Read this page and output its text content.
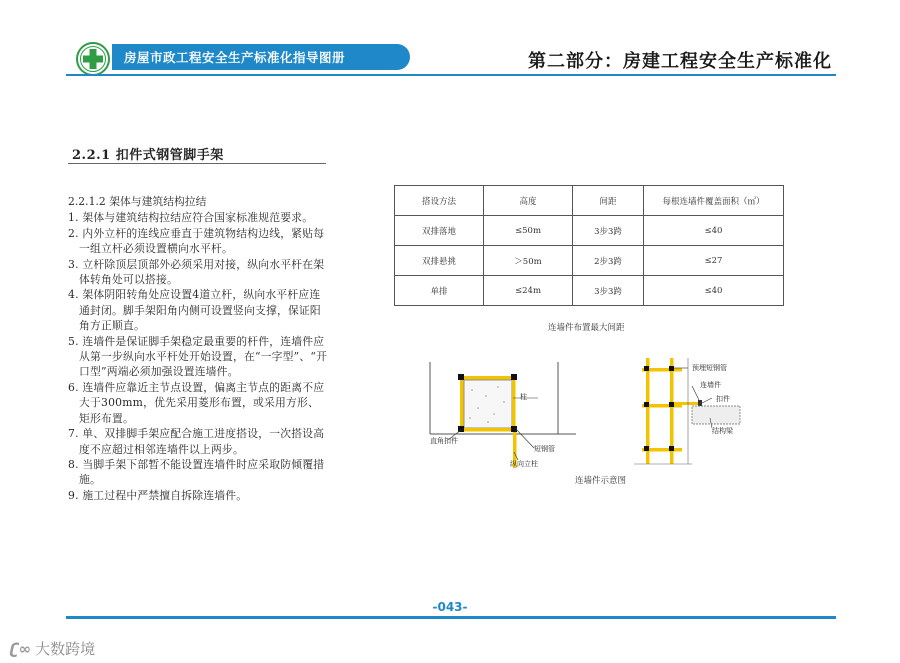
房屋市政工程安全生产标准化指导图册	第二部分：房建工程安全生产标准化
2.2.1 扣件式钢管脚手架
2.2.1.2 架体与建筑结构拉结
1. 架体与建筑结构拉结应符合国家标准规范要求。
2. 内外立杆的连线应垂直于建筑物结构边线，紧贴每一组立杆必须设置横向水平杆。
3. 立杆除顶层顶部外必须采用对接，纵向水平杆在架体转角处可以搭接。
4. 架体阴阳转角处应设置4道立杆，纵向水平杆应连通封闭。脚手架阳角内侧可设置竖向支撑，保证阳角方正顺直。
5. 连墙件是保证脚手架稳定最重要的杆件，连墙件应从第一步纵向水平杆处开始设置，在“一字型”、“开口型”两端必须加强设置连墙件。
6. 连墙件应靠近主节点设置，偏离主节点的距离不应大于300mm，优先采用菱形布置，或采用方形、矩形布置。
7. 单、双排脚手架应配合施工进度搭设，一次搭设高度不应超过相邻连墙件以上两步。
8. 当脚手架下部暂不能设置连墙件时应采取防倾覆措施。
9. 施工过程中严禁擅自拆除连墙件。
搭设方法	高度	间距	每根连墙件覆盖面积（㎡）
双排落地	≤50m	3步3跨	≤40
双排悬挑	＞50m	2步3跨	≤27
单排	≤24m	3步3跨	≤40
连墙件布置最大间距
柱
直角扣件
短钢管
纵向立柱
预埋短钢管
连墙件
扣件
结构梁
连墙件示意图
-043-
ʗ∞ 大数跨境
